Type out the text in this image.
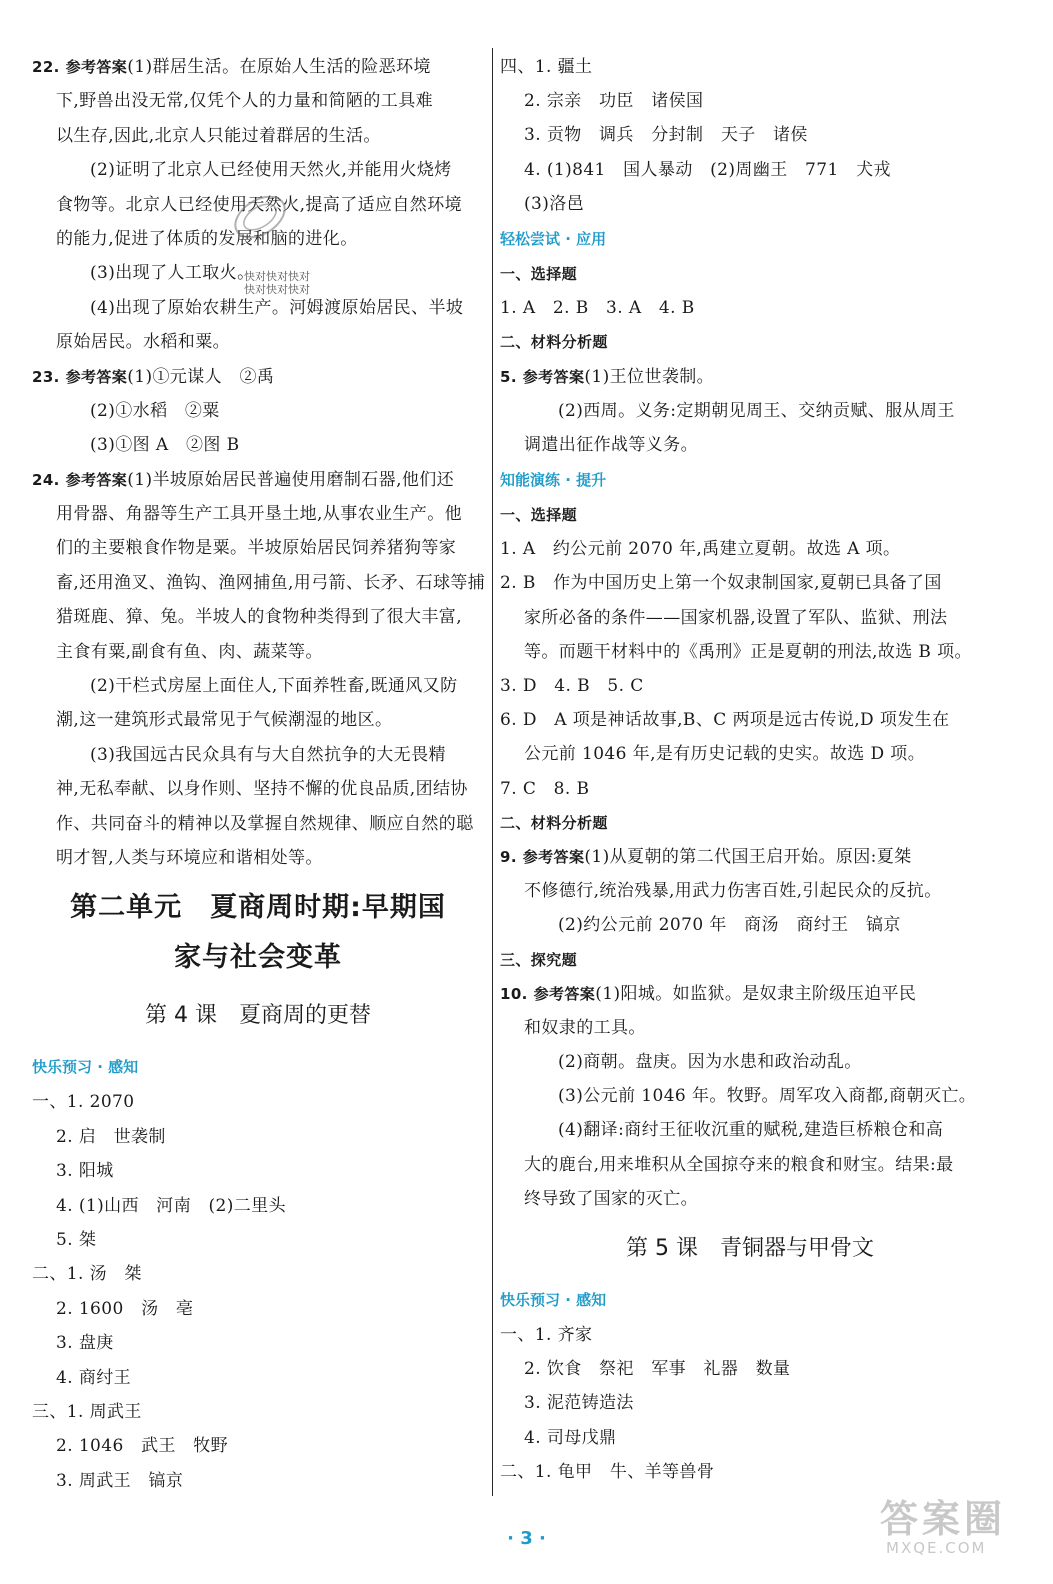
22. 参考答案(1)群居生活。在原始人生活的险恶环境
下,野兽出没无常,仅凭个人的力量和简陋的工具难
以生存,因此,北京人只能过着群居的生活。
(2)证明了北京人已经使用天然火,并能用火烧烤
食物等。北京人已经使用天然火,提高了适应自然环境
的能力,促进了体质的发展和脑的进化。
(3)出现了人工取火。
(4)出现了原始农耕生产。河姆渡原始居民、半坡
原始居民。水稻和粟。
23. 参考答案(1)①元谋人　②禹
(2)①水稻　②粟
(3)①图 A　②图 B
24. 参考答案(1)半坡原始居民普遍使用磨制石器,他们还
用骨器、角器等生产工具开垦土地,从事农业生产。他
们的主要粮食作物是粟。半坡原始居民饲养猪狗等家
畜,还用渔叉、渔钩、渔网捕鱼,用弓箭、长矛、石球等捕
猎斑鹿、獐、兔。半坡人的食物种类得到了很大丰富,
主食有粟,副食有鱼、肉、蔬菜等。
(2)干栏式房屋上面住人,下面养牲畜,既通风又防
潮,这一建筑形式最常见于气候潮湿的地区。
(3)我国远古民众具有与大自然抗争的大无畏精
神,无私奉献、以身作则、坚持不懈的优良品质,团结协
作、共同奋斗的精神以及掌握自然规律、顺应自然的聪
明才智,人类与环境应和谐相处等。
第二单元　夏商周时期:早期国
家与社会变革
第 4 课　夏商周的更替
快乐预习 · 感知
一、1. 2070
2. 启　世袭制
3. 阳城
4. (1)山西　河南　(2)二里头
5. 桀
二、1. 汤　桀
2. 1600　汤　亳
3. 盘庚
4. 商纣王
三、1. 周武王
2. 1046　武王　牧野
3. 周武王　镐京
快对快对快对
快对快对快对
四、1. 疆土
2. 宗亲　功臣　诸侯国
3. 贡物　调兵　分封制　天子　诸侯
4. (1)841　国人暴动　(2)周幽王　771　犬戎
(3)洛邑
轻松尝试 · 应用
一、选择题
1. A　2. B　3. A　4. B
二、材料分析题
5. 参考答案(1)王位世袭制。
(2)西周。义务:定期朝见周王、交纳贡赋、服从周王
调遣出征作战等义务。
知能演练 · 提升
一、选择题
1. A　约公元前 2070 年,禹建立夏朝。故选 A 项。
2. B　作为中国历史上第一个奴隶制国家,夏朝已具备了国
家所必备的条件——国家机器,设置了军队、监狱、刑法
等。而题干材料中的《禹刑》正是夏朝的刑法,故选 B 项。
3. D　4. B　5. C
6. D　A 项是神话故事,B、C 两项是远古传说,D 项发生在
公元前 1046 年,是有历史记载的史实。故选 D 项。
7. C　8. B
二、材料分析题
9. 参考答案(1)从夏朝的第二代国王启开始。原因:夏桀
不修德行,统治残暴,用武力伤害百姓,引起民众的反抗。
(2)约公元前 2070 年　商汤　商纣王　镐京
三、探究题
10. 参考答案(1)阳城。如监狱。是奴隶主阶级压迫平民
和奴隶的工具。
(2)商朝。盘庚。因为水患和政治动乱。
(3)公元前 1046 年。牧野。周军攻入商都,商朝灭亡。
(4)翻译:商纣王征收沉重的赋税,建造巨桥粮仓和高
大的鹿台,用来堆积从全国掠夺来的粮食和财宝。结果:最
终导致了国家的灭亡。
第 5 课　青铜器与甲骨文
快乐预习 · 感知
一、1. 齐家
2. 饮食　祭祀　军事　礼器　数量
3. 泥范铸造法
4. 司母戊鼎
二、1. 龟甲　牛、羊等兽骨
· 3 ·	答案圈
MXQE.COM
